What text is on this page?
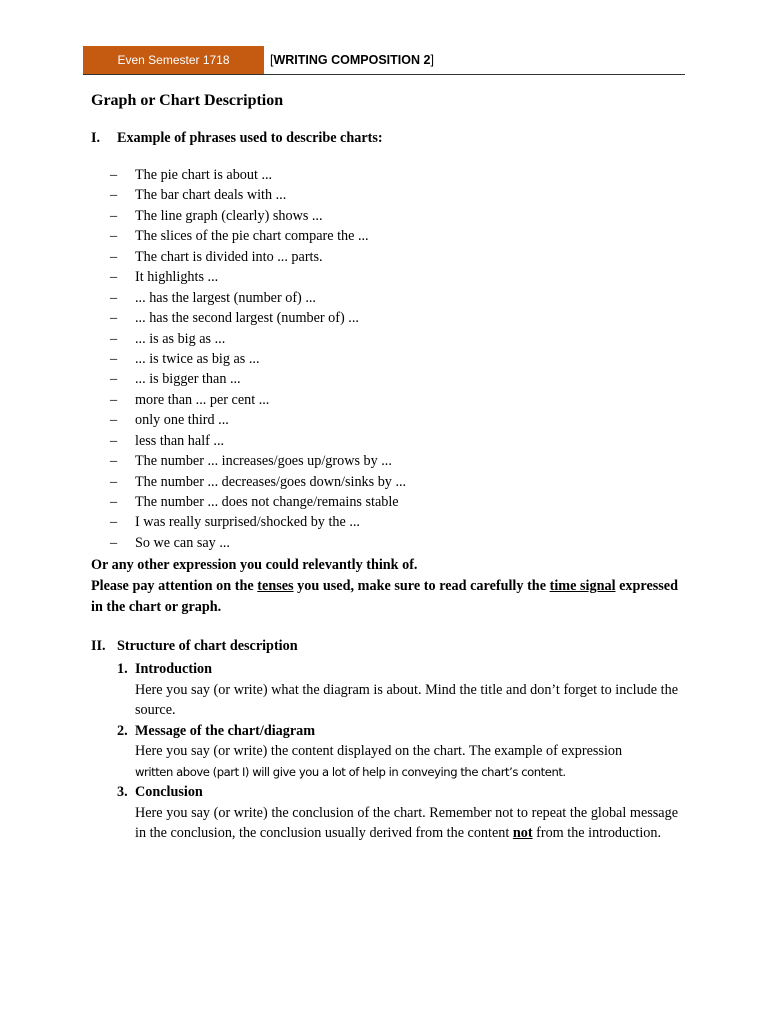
Even Semester 1718	[WRITING COMPOSITION 2]
Graph or Chart Description
I. Example of phrases used to describe charts:
– The pie chart is about ...
– The bar chart deals with ...
– The line graph (clearly) shows ...
– The slices of the pie chart compare the ...
– The chart is divided into ... parts.
– It highlights ...
– ... has the largest (number of) ...
– ... has the second largest (number of) ...
– ... is as big as ...
– ... is twice as big as ...
– ... is bigger than ...
– more than ... per cent ...
– only one third ...
– less than half ...
– The number ... increases/goes up/grows by ...
– The number ... decreases/goes down/sinks by ...
– The number ... does not change/remains stable
– I was really surprised/shocked by the ...
– So we can say ...
Or any other expression you could relevantly think of.
Please pay attention on the tenses you used, make sure to read carefully the time signal expressed in the chart or graph.
II. Structure of chart description
1. Introduction
Here you say (or write) what the diagram is about. Mind the title and don’t forget to include the source.
2. Message of the chart/diagram
Here you say (or write) the content displayed on the chart. The example of expression
written above (part I) will give you a lot of help in conveying the chart’s content.
3. Conclusion
Here you say (or write) the conclusion of the chart. Remember not to repeat the global message in the conclusion, the conclusion usually derived from the content not from the introduction.
